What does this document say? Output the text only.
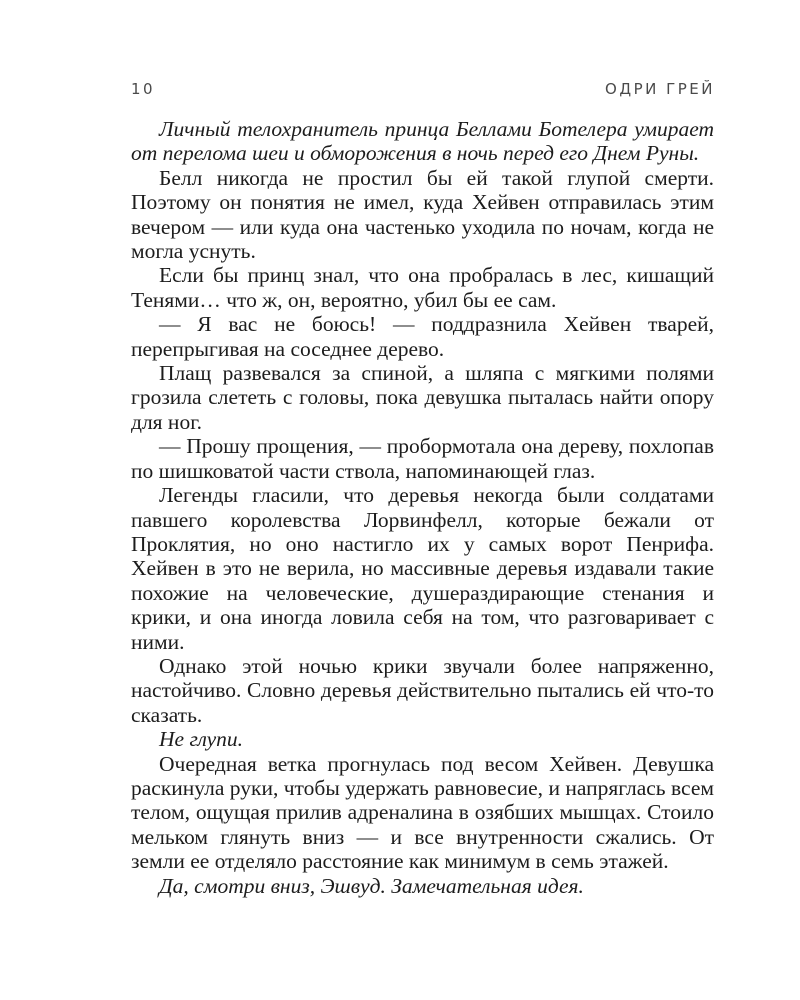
10	ОДРИ ГРЕЙ

Личный телохранитель принца Беллами Ботелера умирает от перелома шеи и обморожения в ночь перед его Днем Руны.

Белл никогда не простил бы ей такой глупой смерти. Поэтому он понятия не имел, куда Хейвен отправилась этим вечером — или куда она частенько уходила по ночам, когда не могла уснуть.

Если бы принц знал, что она пробралась в лес, кишащий Тенями… что ж, он, вероятно, убил бы ее сам.

— Я вас не боюсь! — поддразнила Хейвен тварей, перепрыгивая на соседнее дерево.

Плащ развевался за спиной, а шляпа с мягкими полями грозила слететь с головы, пока девушка пыталась найти опору для ног.

— Прошу прощения, — пробормотала она дереву, похлопав по шишковатой части ствола, напоминающей глаз.

Легенды гласили, что деревья некогда были солдатами павшего королевства Лорвинфелл, которые бежали от Проклятия, но оно настигло их у самых ворот Пенрифа. Хейвен в это не верила, но массивные деревья издавали такие похожие на человеческие, душераздирающие стенания и крики, и она иногда ловила себя на том, что разговаривает с ними.

Однако этой ночью крики звучали более напряженно, настойчиво. Словно деревья действительно пытались ей что-то сказать.

Не глупи.

Очередная ветка прогнулась под весом Хейвен. Девушка раскинула руки, чтобы удержать равновесие, и напряглась всем телом, ощущая прилив адреналина в озябших мышцах. Стоило мельком глянуть вниз — и все внутренности сжались. От земли ее отделяло расстояние как минимум в семь этажей.

Да, смотри вниз, Эшвуд. Замечательная идея.
